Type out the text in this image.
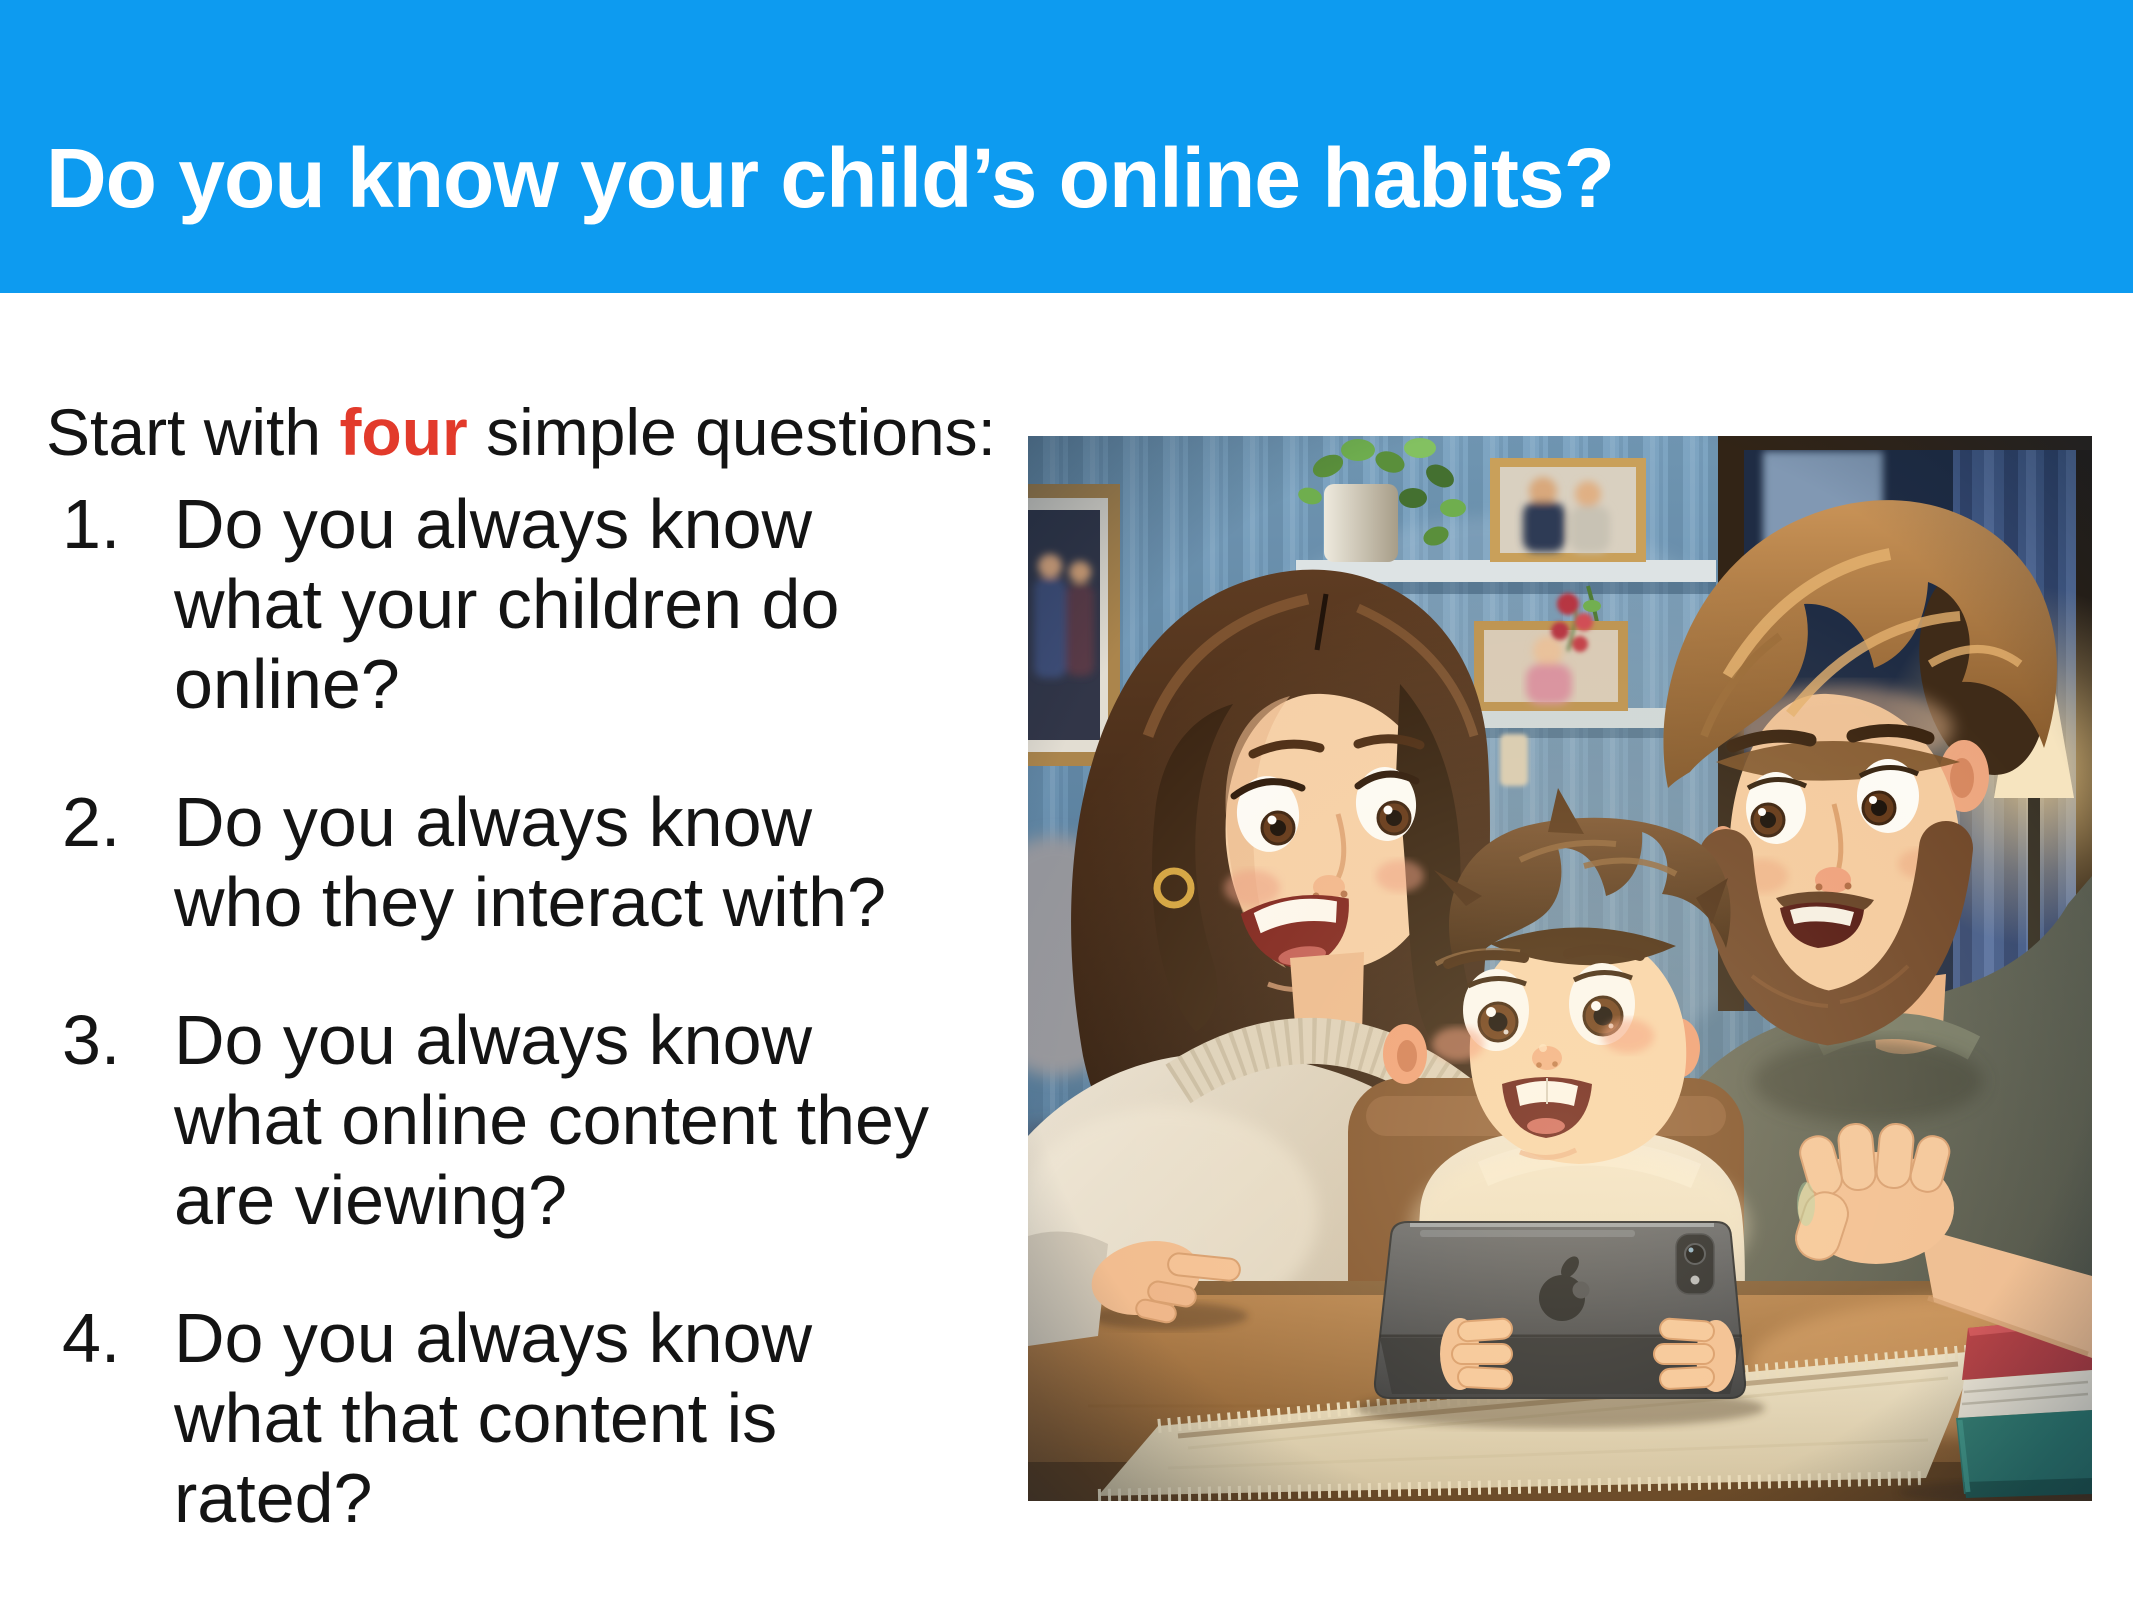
Do you know your child’s online habits?

Start with four simple questions:

1. Do you always know
what your children do
online?
2. Do you always know
who they interact with?
3. Do you always know
what online content they
are viewing?
4. Do you always know
what that content is
rated?
